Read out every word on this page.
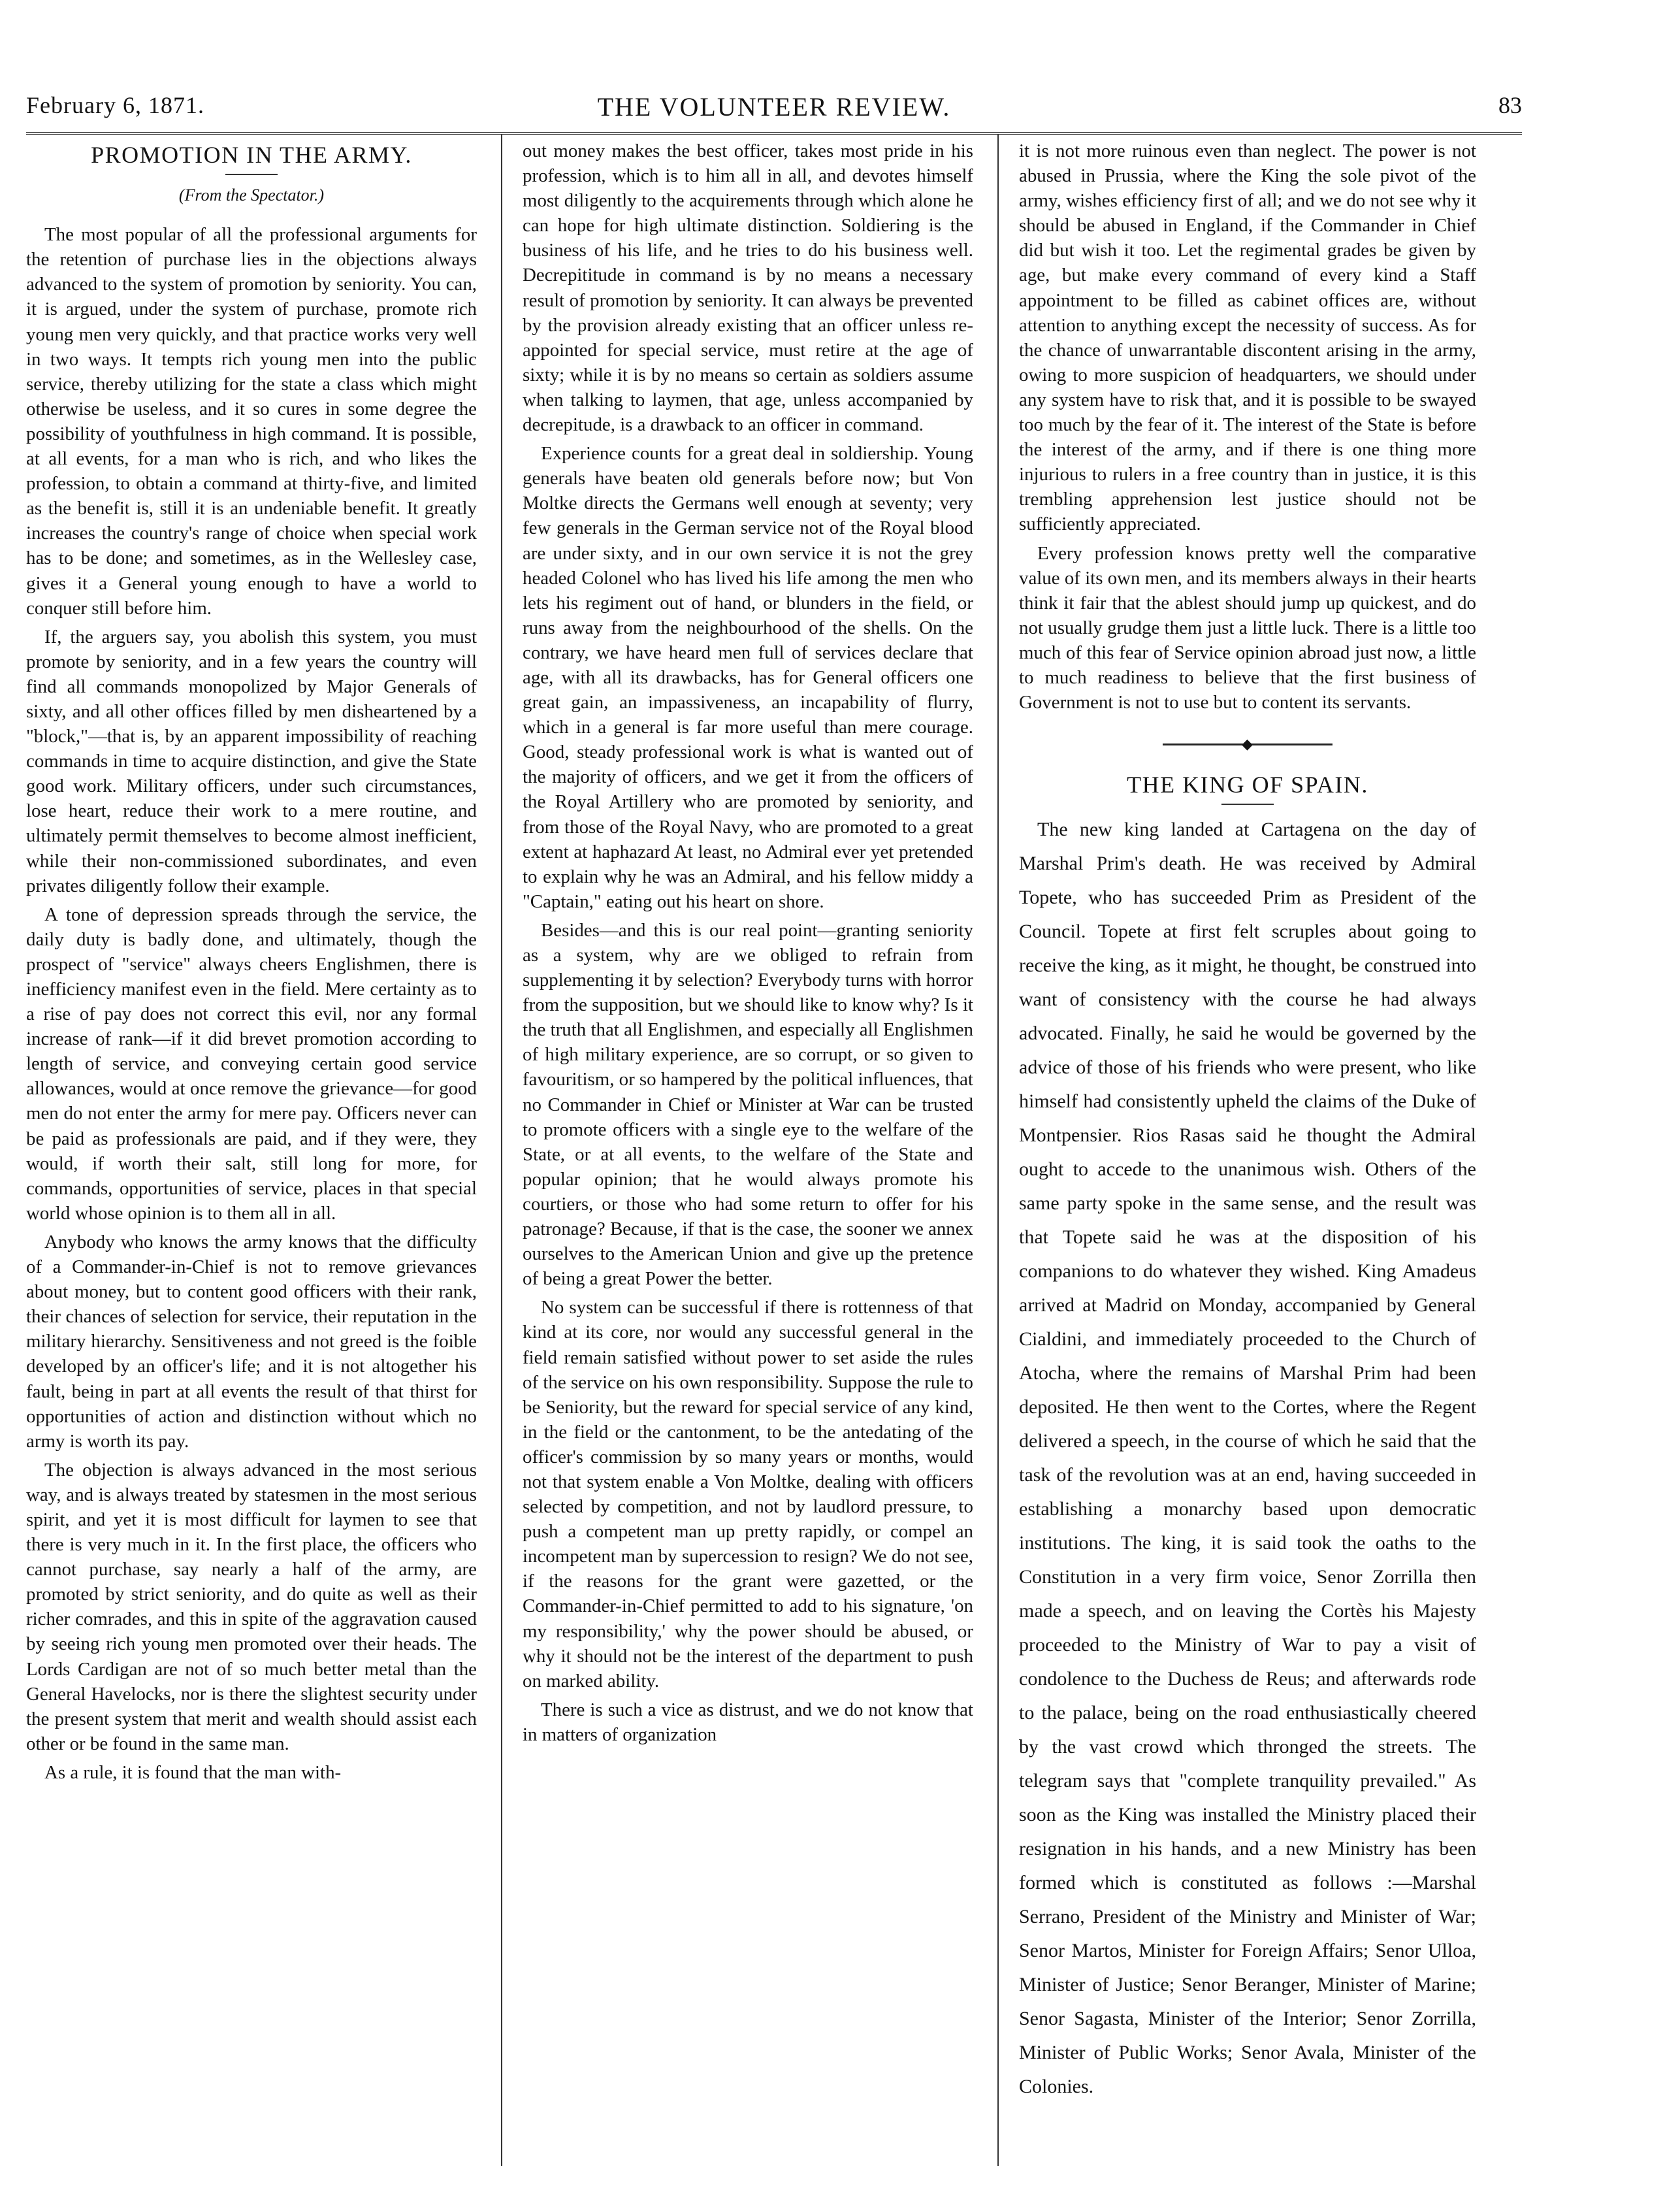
February 6, 1871.	THE VOLUNTEER REVIEW.	83
PROMOTION IN THE ARMY.
(From the Spectator.)

The most popular of all the professional arguments for the retention of purchase lies in the objections always advanced to the system of promotion by seniority. You can, it is argued, under the system of purchase, promote rich young men very quickly, and that practice works very well in two ways. It tempts rich young men into the public service, thereby utilizing for the state a class which might otherwise be useless, and it so cures in some degree the possibility of youthfulness in high command. It is possible, at all events, for a man who is rich, and who likes the profession, to obtain a command at thirty-five, and limited as the benefit is, still it is an undeniable benefit. It greatly increases the country's range of choice when special work has to be done; and sometimes, as in the Wellesley case, gives it a General young enough to have a world to conquer still before him.

If, the arguers say, you abolish this system, you must promote by seniority, and in a few years the country will find all commands monopolized by Major Generals of sixty, and all other offices filled by men disheartened by a "block,"—that is, by an apparent impossibility of reaching commands in time to acquire distinction, and give the State good work. Military officers, under such circumstances, lose heart, reduce their work to a mere routine, and ultimately permit themselves to become almost inefficient, while their non-commissioned subordinates, and even privates diligently follow their example.

A tone of depression spreads through the service, the daily duty is badly done, and ultimately, though the prospect of "service" always cheers Englishmen, there is inefficiency manifest even in the field. Mere certainty as to a rise of pay does not correct this evil, nor any formal increase of rank—if it did brevet promotion according to length of service, and conveying certain good service allowances, would at once remove the grievance—for good men do not enter the army for mere pay. Officers never can be paid as professionals are paid, and if they were, they would, if worth their salt, still long for more, for commands, opportunities of service, places in that special world whose opinion is to them all in all.

Anybody who knows the army knows that the difficulty of a Commander-in-Chief is not to remove grievances about money, but to content good officers with their rank, their chances of selection for service, their reputation in the military hierarchy. Sensitiveness and not greed is the foible developed by an officer's life; and it is not altogether his fault, being in part at all events the result of that thirst for opportunities of action and distinction without which no army is worth its pay.

The objection is always advanced in the most serious way, and is always treated by statesmen in the most serious spirit, and yet it is most difficult for laymen to see that there is very much in it. In the first place, the officers who cannot purchase, say nearly a half of the army, are promoted by strict seniority, and do quite as well as their richer comrades, and this in spite of the aggravation caused by seeing rich young men promoted over their heads. The Lords Cardigan are not of so much better metal than the General Havelocks, nor is there the slightest security under the present system that merit and wealth should assist each other or be found in the same man.

As a rule, it is found that the man with-

out money makes the best officer, takes most pride in his profession, which is to him all in all, and devotes himself most diligently to the acquirements through which alone he can hope for high ultimate distinction. Soldiering is the business of his life, and he tries to do his business well. Decrepititude in command is by no means a necessary result of promotion by seniority. It can always be prevented by the provision already existing that an officer unless re-appointed for special service, must retire at the age of sixty; while it is by no means so certain as soldiers assume when talking to laymen, that age, unless accompanied by decrepitude, is a drawback to an officer in command.

Experience counts for a great deal in soldiership. Young generals have beaten old generals before now; but Von Moltke directs the Germans well enough at seventy; very few generals in the German service not of the Royal blood are under sixty, and in our own service it is not the grey headed Colonel who has lived his life among the men who lets his regiment out of hand, or blunders in the field, or runs away from the neighbourhood of the shells. On the contrary, we have heard men full of services declare that age, with all its drawbacks, has for General officers one great gain, an impassiveness, an incapability of flurry, which in a general is far more useful than mere courage. Good, steady professional work is what is wanted out of the majority of officers, and we get it from the officers of the Royal Artillery who are promoted by seniority, and from those of the Royal Navy, who are promoted to a great extent at haphazard At least, no Admiral ever yet pretended to explain why he was an Admiral, and his fellow middy a "Captain," eating out his heart on shore.

Besides—and this is our real point—granting seniority as a system, why are we obliged to refrain from supplementing it by selection? Everybody turns with horror from the supposition, but we should like to know why? Is it the truth that all Englishmen, and especially all Englishmen of high military experience, are so corrupt, or so given to favouritism, or so hampered by the political influences, that no Commander in Chief or Minister at War can be trusted to promote officers with a single eye to the welfare of the State, or at all events, to the welfare of the State and popular opinion; that he would always promote his courtiers, or those who had some return to offer for his patronage? Because, if that is the case, the sooner we annex ourselves to the American Union and give up the pretence of being a great Power the better.

No system can be successful if there is rottenness of that kind at its core, nor would any successful general in the field remain satisfied without power to set aside the rules of the service on his own responsibility. Suppose the rule to be Seniority, but the reward for special service of any kind, in the field or the cantonment, to be the antedating of the officer's commission by so many years or months, would not that system enable a Von Moltke, dealing with officers selected by competition, and not by laudlord pressure, to push a competent man up pretty rapidly, or compel an incompetent man by supercession to resign? We do not see, if the reasons for the grant were gazetted, or the Commander-in-Chief permitted to add to his signature, 'on my responsibility,' why the power should be abused, or why it should not be the interest of the department to push on marked ability.

There is such a vice as distrust, and we do not know that in matters of organization

it is not more ruinous even than neglect. The power is not abused in Prussia, where the King the sole pivot of the army, wishes efficiency first of all; and we do not see why it should be abused in England, if the Commander in Chief did but wish it too. Let the regimental grades be given by age, but make every command of every kind a Staff appointment to be filled as cabinet offices are, without attention to anything except the necessity of success. As for the chance of unwarrantable discontent arising in the army, owing to more suspicion of headquarters, we should under any system have to risk that, and it is possible to be swayed too much by the fear of it. The interest of the State is before the interest of the army, and if there is one thing more injurious to rulers in a free country than in justice, it is this trembling apprehension lest justice should not be sufficiently appreciated.

Every profession knows pretty well the comparative value of its own men, and its members always in their hearts think it fair that the ablest should jump up quickest, and do not usually grudge them just a little luck. There is a little too much of this fear of Service opinion abroad just now, a little to much readiness to believe that the first business of Government is not to use but to content its servants.

◆
THE KING OF SPAIN.

The new king landed at Cartagena on the day of Marshal Prim's death. He was received by Admiral Topete, who has succeeded Prim as President of the Council. Topete at first felt scruples about going to receive the king, as it might, he thought, be construed into want of consistency with the course he had always advocated. Finally, he said he would be governed by the advice of those of his friends who were present, who like himself had consistently upheld the claims of the Duke of Montpensier. Rios Rasas said he thought the Admiral ought to accede to the unanimous wish. Others of the same party spoke in the same sense, and the result was that Topete said he was at the disposition of his companions to do whatever they wished. King Amadeus arrived at Madrid on Monday, accompanied by General Cialdini, and immediately proceeded to the Church of Atocha, where the remains of Marshal Prim had been deposited. He then went to the Cortes, where the Regent delivered a speech, in the course of which he said that the task of the revolution was at an end, having succeeded in establishing a monarchy based upon democratic institutions. The king, it is said took the oaths to the Constitution in a very firm voice, Senor Zorrilla then made a speech, and on leaving the Cortès his Majesty proceeded to the Ministry of War to pay a visit of condolence to the Duchess de Reus; and afterwards rode to the palace, being on the road enthusiastically cheered by the vast crowd which thronged the streets. The telegram says that "complete tranquility prevailed." As soon as the King was installed the Ministry placed their resignation in his hands, and a new Ministry has been formed which is constituted as follows :—Marshal Serrano, President of the Ministry and Minister of War; Senor Martos, Minister for Foreign Affairs; Senor Ulloa, Minister of Justice; Senor Beranger, Minister of Marine; Senor Sagasta, Minister of the Interior; Senor Zorrilla, Minister of Public Works; Senor Avala, Minister of the Colonies.
